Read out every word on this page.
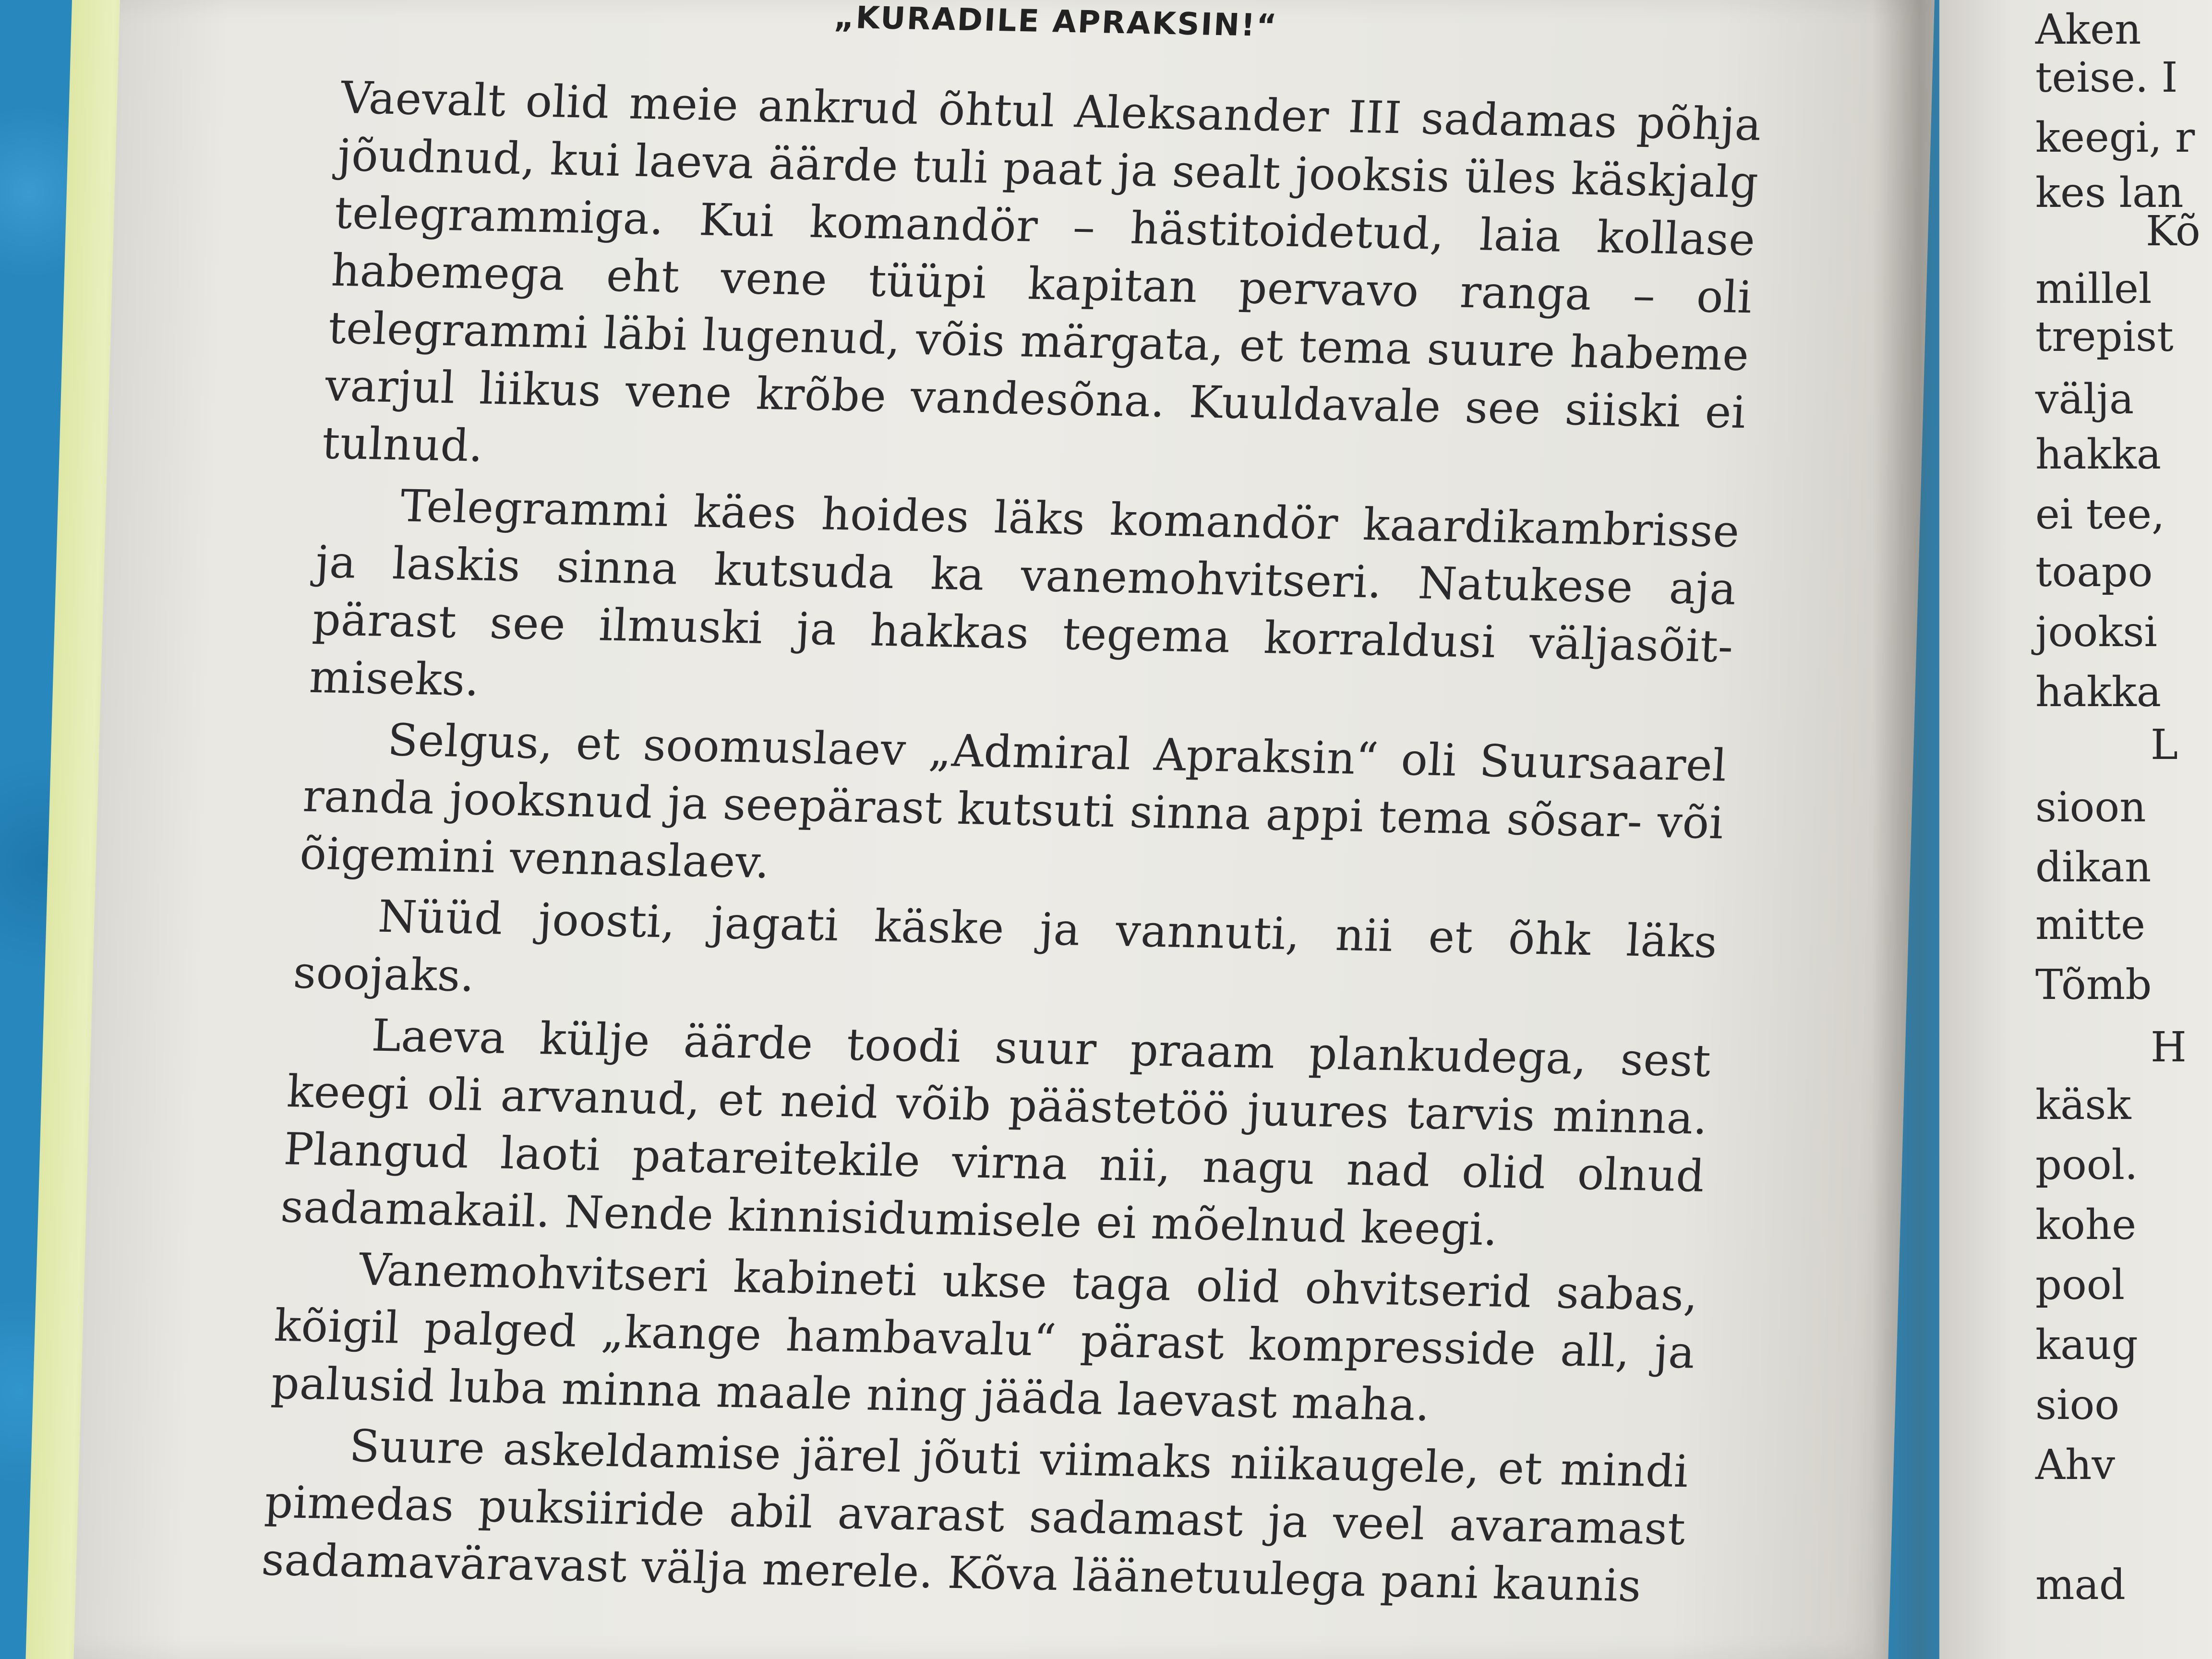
„KURADILE APRAKSIN!“

Vaevalt olid meie ankrud õhtul Aleksander III sadamas põhja jõudnud, kui laeva äärde tuli paat ja sealt jooksis üles käskjalg telegrammiga. Kui komandör – hästitoidetud, laia kollase habemega eht vene tüüpi kapitan pervavo ranga – oli telegrammi läbi lugenud, võis märgata, et tema suure habeme varjul liikus vene krõbe vandesõna. Kuuldavale see siiski ei tulnud.

Telegrammi käes hoides läks komandör kaardikambrisse ja laskis sinna kutsuda ka vanemohvitseri. Natukese aja pärast see ilmuski ja hakkas tegema korraldusi väljasõit-miseks.

Selgus, et soomuslaev „Admiral Apraksin“ oli Suursaarel randa jooksnud ja seepärast kutsuti sinna appi tema sõsar- või õigemini vennaslaev.

Nüüd joosti, jagati käske ja vannuti, nii et õhk läks soojaks.

Laeva külje äärde toodi suur praam plankudega, sest keegi oli arvanud, et neid võib päästetöö juures tarvis minna. Plangud laoti patareitekile virna nii, nagu nad olid olnud sadamakail. Nende kinnisidumisele ei mõelnud keegi.

Vanemohvitseri kabineti ukse taga olid ohvitserid sabas, kõigil palged „kange hambavalu“ pärast kompresside all, ja palusid luba minna maale ning jääda laevast maha.

Suure askeldamise järel jõuti viimaks niikaugele, et mindi pimedas puksiiride abil avarast sadamast ja veel avaramast sadamaväravast välja merele. Kõva läänetuulega pani kaunis

Aken
teise. I
keegi, r
kes lan
Kõ
millel
trepist
välja
hakka
ei tee,
toapo
jooksi
hakka
L
sioon
dikan
mitte
Tõmb
H
käsk
pool.
kohe
pool
kaug
sioo
Ahv
mad
